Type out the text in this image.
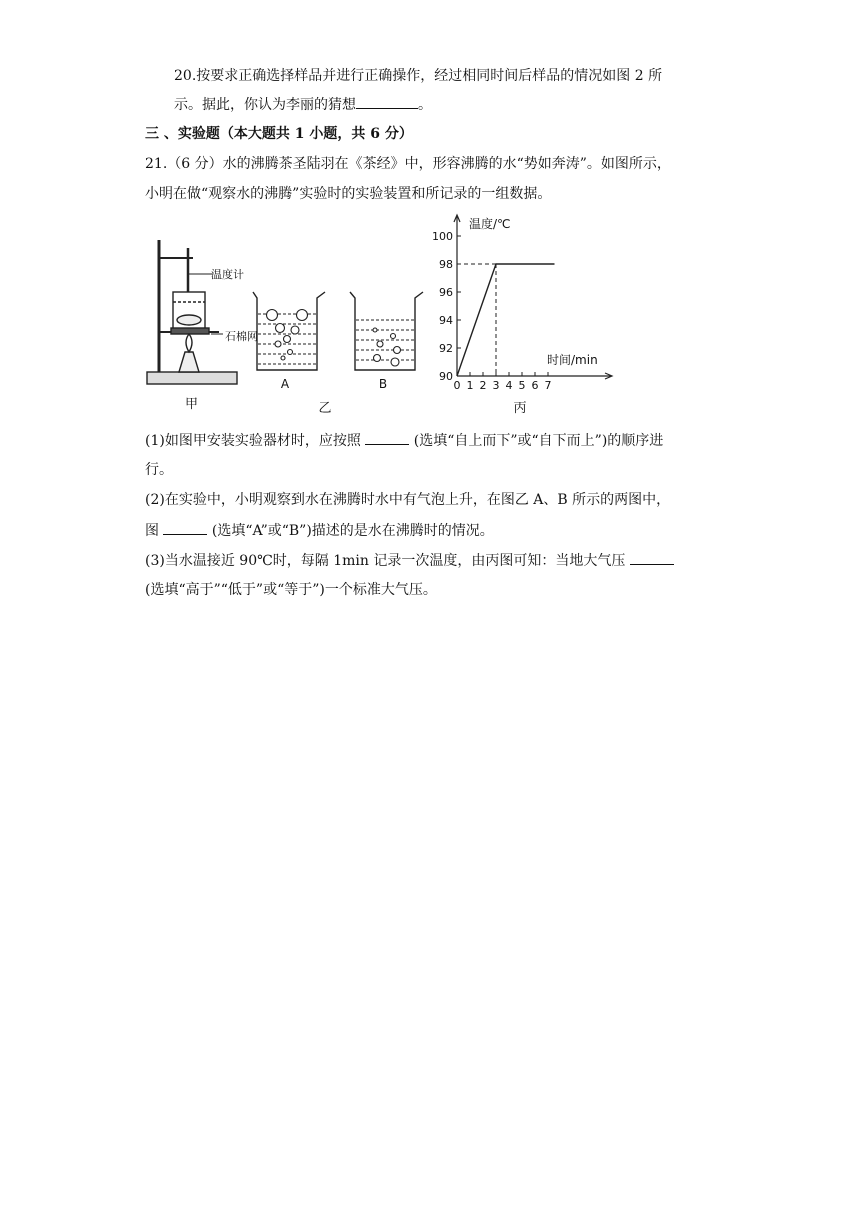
20.按要求正确选择样品并进行正确操作，经过相同时间后样品的情况如图 2 所
示。据此，你认为李丽的猜想	。
三 、实验题（本大题共 1 小题，共 6 分）
21.（6 分）水的沸腾茶圣陆羽在《茶经》中，形容沸腾的水“势如奔涛”。如图所示，
小明在做“观察水的沸腾”实验时的实验装置和所记录的一组数据。
温度计
石棉网
甲
A	B
乙
温度/℃
时间/min
90
92
94
96
98
100
0 1 2 3 4 5 6 7
丙
(1)如图甲安装实验器材时，应按照	(选填“自上而下”或“自下而上”)的顺序进
行。
(2)在实验中，小明观察到水在沸腾时水中有气泡上升，在图乙 A、B 所示的两图中，
图	(选填“A”或“B”)描述的是水在沸腾时的情况。
(3)当水温接近 90℃时，每隔 1min 记录一次温度，由丙图可知：当地大气压
(选填“高于”“低于”或“等于”)一个标准大气压。
